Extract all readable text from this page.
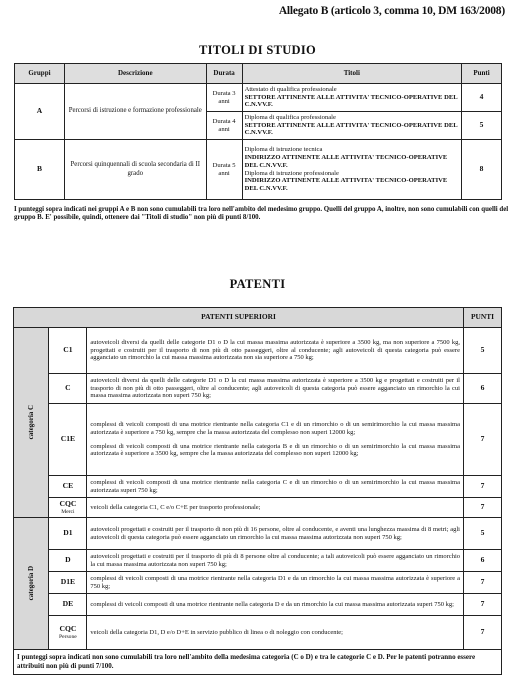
Allegato B (articolo 3, comma 10, DM 163/2008)
TITOLI DI STUDIO
Gruppi	Descrizione	Durata	Titoli	Punti
A	Percorsi di istruzione e formazione professionale	Durata 3 anni	Attestato di qualifica professionale
SETTORE ATTINENTE ALLE ATTIVITA' TECNICO-OPERATIVE DEL C.N.VV.F.	4
		Durata 4 anni	Diploma di qualifica professionale
SETTORE ATTINENTE ALLE ATTIVITA' TECNICO-OPERATIVE DEL C.N.VV.F.	5
B	Percorsi quinquennali di scuola secondaria di II grado	Durata 5 anni	Diploma di istruzione tecnica
INDIRIZZO ATTINENTE ALLE ATTIVITA' TECNICO-OPERATIVE DEL C.N.VV.F.
Diploma di istruzione professionale
INDIRIZZO ATTINENTE ALLE ATTIVITA' TECNICO-OPERATIVE DEL C.N.VV.F.	8
I punteggi sopra indicati nei gruppi A e B non sono cumulabili tra loro nell'ambito del medesimo gruppo. Quelli del gruppo A, inoltre, non sono cumulabili con quelli del gruppo B. E' possibile, quindi, ottenere dai "Titoli di studio" non più di punti 8/100.
PATENTI
PATENTI SUPERIORI			PUNTI
categoria C	C1	autoveicoli diversi da quelli delle categorie D1 o D la cui massa massima autorizzata è superiore a 3500 kg, ma non superiore a 7500 kg, progettati e costruiti per il trasporto di non più di otto passeggeri, oltre al conducente; agli autoveicoli di questa categoria può essere agganciato un rimorchio la cui massa massima autorizzata non sia superiore a 750 kg;	5
	C	autoveicoli diversi da quelli delle categorie D1 o D la cui massa massima autorizzata è superiore a 3500 kg e progettati e costruiti per il trasporto di non più di otto passeggeri, oltre al conducente; agli autoveicoli di questa categoria può essere agganciato un rimorchio la cui massa massima autorizzata non superi 750 kg;	6
	C1E	complessi di veicoli composti di una motrice rientrante nella categoria C1 e di un rimorchio o di un semirimorchio la cui massa massima autorizzata è superiore a 750 kg, sempre che la massa autorizzata del complesso non superi 12000 kg;
complessi di veicoli composti di una motrice rientrante nella categoria B e di un rimorchio o di un semirimorchio la cui massa massima autorizzata è superiore a 3500 kg, sempre che la massa autorizzata del complesso non superi 12000 kg;	7
	CE	complessi di veicoli composti di una motrice rientrante nella categoria C e di un rimorchio o di un semirimorchio la cui massa massima autorizzata superi 750 kg;	7
	CQC
Merci	veicoli della categoria C1, C e/o C+E per trasporto professionale;	7
categoria D	D1	autoveicoli progettati e costruiti per il trasporto di non più di 16 persone, oltre al conducente, e aventi una lunghezza massima di 8 metri; agli autoveicoli di questa categoria può essere agganciato un rimorchio la cui massa massima autorizzata non superi 750 kg;	5
	D	autoveicoli progettati e costruiti per il trasporto di più di 8 persone oltre al conducente; a tali autoveicoli può essere agganciato un rimorchio la cui massa massima autorizzata non superi 750 kg;	6
	D1E	complessi di veicoli composti di una motrice rientrante nella categoria D1 e da un rimorchio la cui massa massima autorizzata è superiore a 750 kg;	7
	DE	complessi di veicoli composti di una motrice rientrante nella categoria D e da un rimorchio la cui massa massima autorizzata superi 750 kg;	7
	CQC
Persone	veicoli della categoria D1, D e/o D+E in servizio pubblico di linea o di noleggio con conducente;	7
I punteggi sopra indicati non sono cumulabili tra loro nell'ambito della medesima categoria (C o D) e tra le categorie C e D. Per le patenti potranno essere attribuiti non più di punti 7/100.			
